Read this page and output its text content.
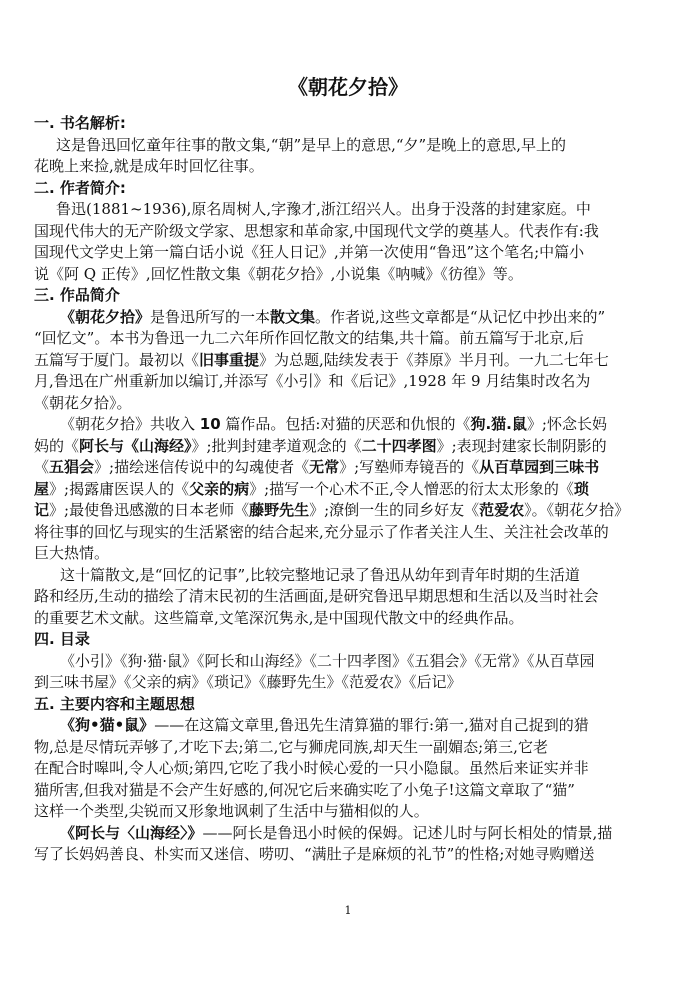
《朝花夕拾》
一. 书名解析:
这是鲁迅回忆童年往事的散文集,“朝”是早上的意思,“夕”是晚上的意思,早上的
花晚上来捡,就是成年时回忆往事。
二. 作者简介:
鲁迅(1881~1936),原名周树人,字豫才,浙江绍兴人。出身于没落的封建家庭。中
国现代伟大的无产阶级文学家、思想家和革命家,中国现代文学的奠基人。代表作有:我
国现代文学史上第一篇白话小说《狂人日记》,并第一次使用“鲁迅”这个笔名;中篇小
说《阿 Q 正传》,回忆性散文集《朝花夕拾》,小说集《呐喊》《彷徨》等。
三. 作品简介
《朝花夕拾》是鲁迅所写的一本散文集。作者说,这些文章都是“从记忆中抄出来的”
“回忆文”。本书为鲁迅一九二六年所作回忆散文的结集,共十篇。前五篇写于北京,后
五篇写于厦门。最初以《旧事重提》为总题,陆续发表于《莽原》半月刊。一九二七年七
月,鲁迅在广州重新加以编订,并添写《小引》和《后记》,1928 年 9 月结集时改名为
《朝花夕拾》。
《朝花夕拾》共收入 10 篇作品。包括:对猫的厌恶和仇恨的《狗.猫.鼠》;怀念长妈
妈的《阿长与《山海经》》;批判封建孝道观念的《二十四孝图》;表现封建家长制阴影的
《五猖会》;描绘迷信传说中的勾魂使者《无常》;写塾师寿镜吾的《从百草园到三味书
屋》;揭露庸医误人的《父亲的病》;描写一个心术不正,令人憎恶的衍太太形象的《琐
记》;最使鲁迅感激的日本老师《藤野先生》;潦倒一生的同乡好友《范爱农》。《朝花夕拾》
将往事的回忆与现实的生活紧密的结合起来,充分显示了作者关注人生、关注社会改革的
巨大热情。
这十篇散文,是“回忆的记事”,比较完整地记录了鲁迅从幼年到青年时期的生活道
路和经历,生动的描绘了清末民初的生活画面,是研究鲁迅早期思想和生活以及当时社会
的重要艺术文献。这些篇章,文笔深沉隽永,是中国现代散文中的经典作品。
四. 目录
《小引》《狗·猫·鼠》《阿长和山海经》《二十四孝图》《五猖会》《无常》《从百草园
到三味书屋》《父亲的病》《琐记》《藤野先生》《范爱农》《后记》
五. 主要内容和主题思想
《狗•猫•鼠》——在这篇文章里,鲁迅先生清算猫的罪行:第一,猫对自己捉到的猎
物,总是尽情玩弄够了,才吃下去;第二,它与狮虎同族,却天生一副媚态;第三,它老
在配合时嗥叫,令人心烦;第四,它吃了我小时候心爱的一只小隐鼠。虽然后来证实并非
猫所害,但我对猫是不会产生好感的,何况它后来确实吃了小兔子!这篇文章取了“猫”
这样一个类型,尖锐而又形象地讽刺了生活中与猫相似的人。
《阿长与〈山海经〉》——阿长是鲁迅小时候的保姆。记述儿时与阿长相处的情景,描
写了长妈妈善良、朴实而又迷信、唠叨、“满肚子是麻烦的礼节”的性格;对她寻购赠送
1
